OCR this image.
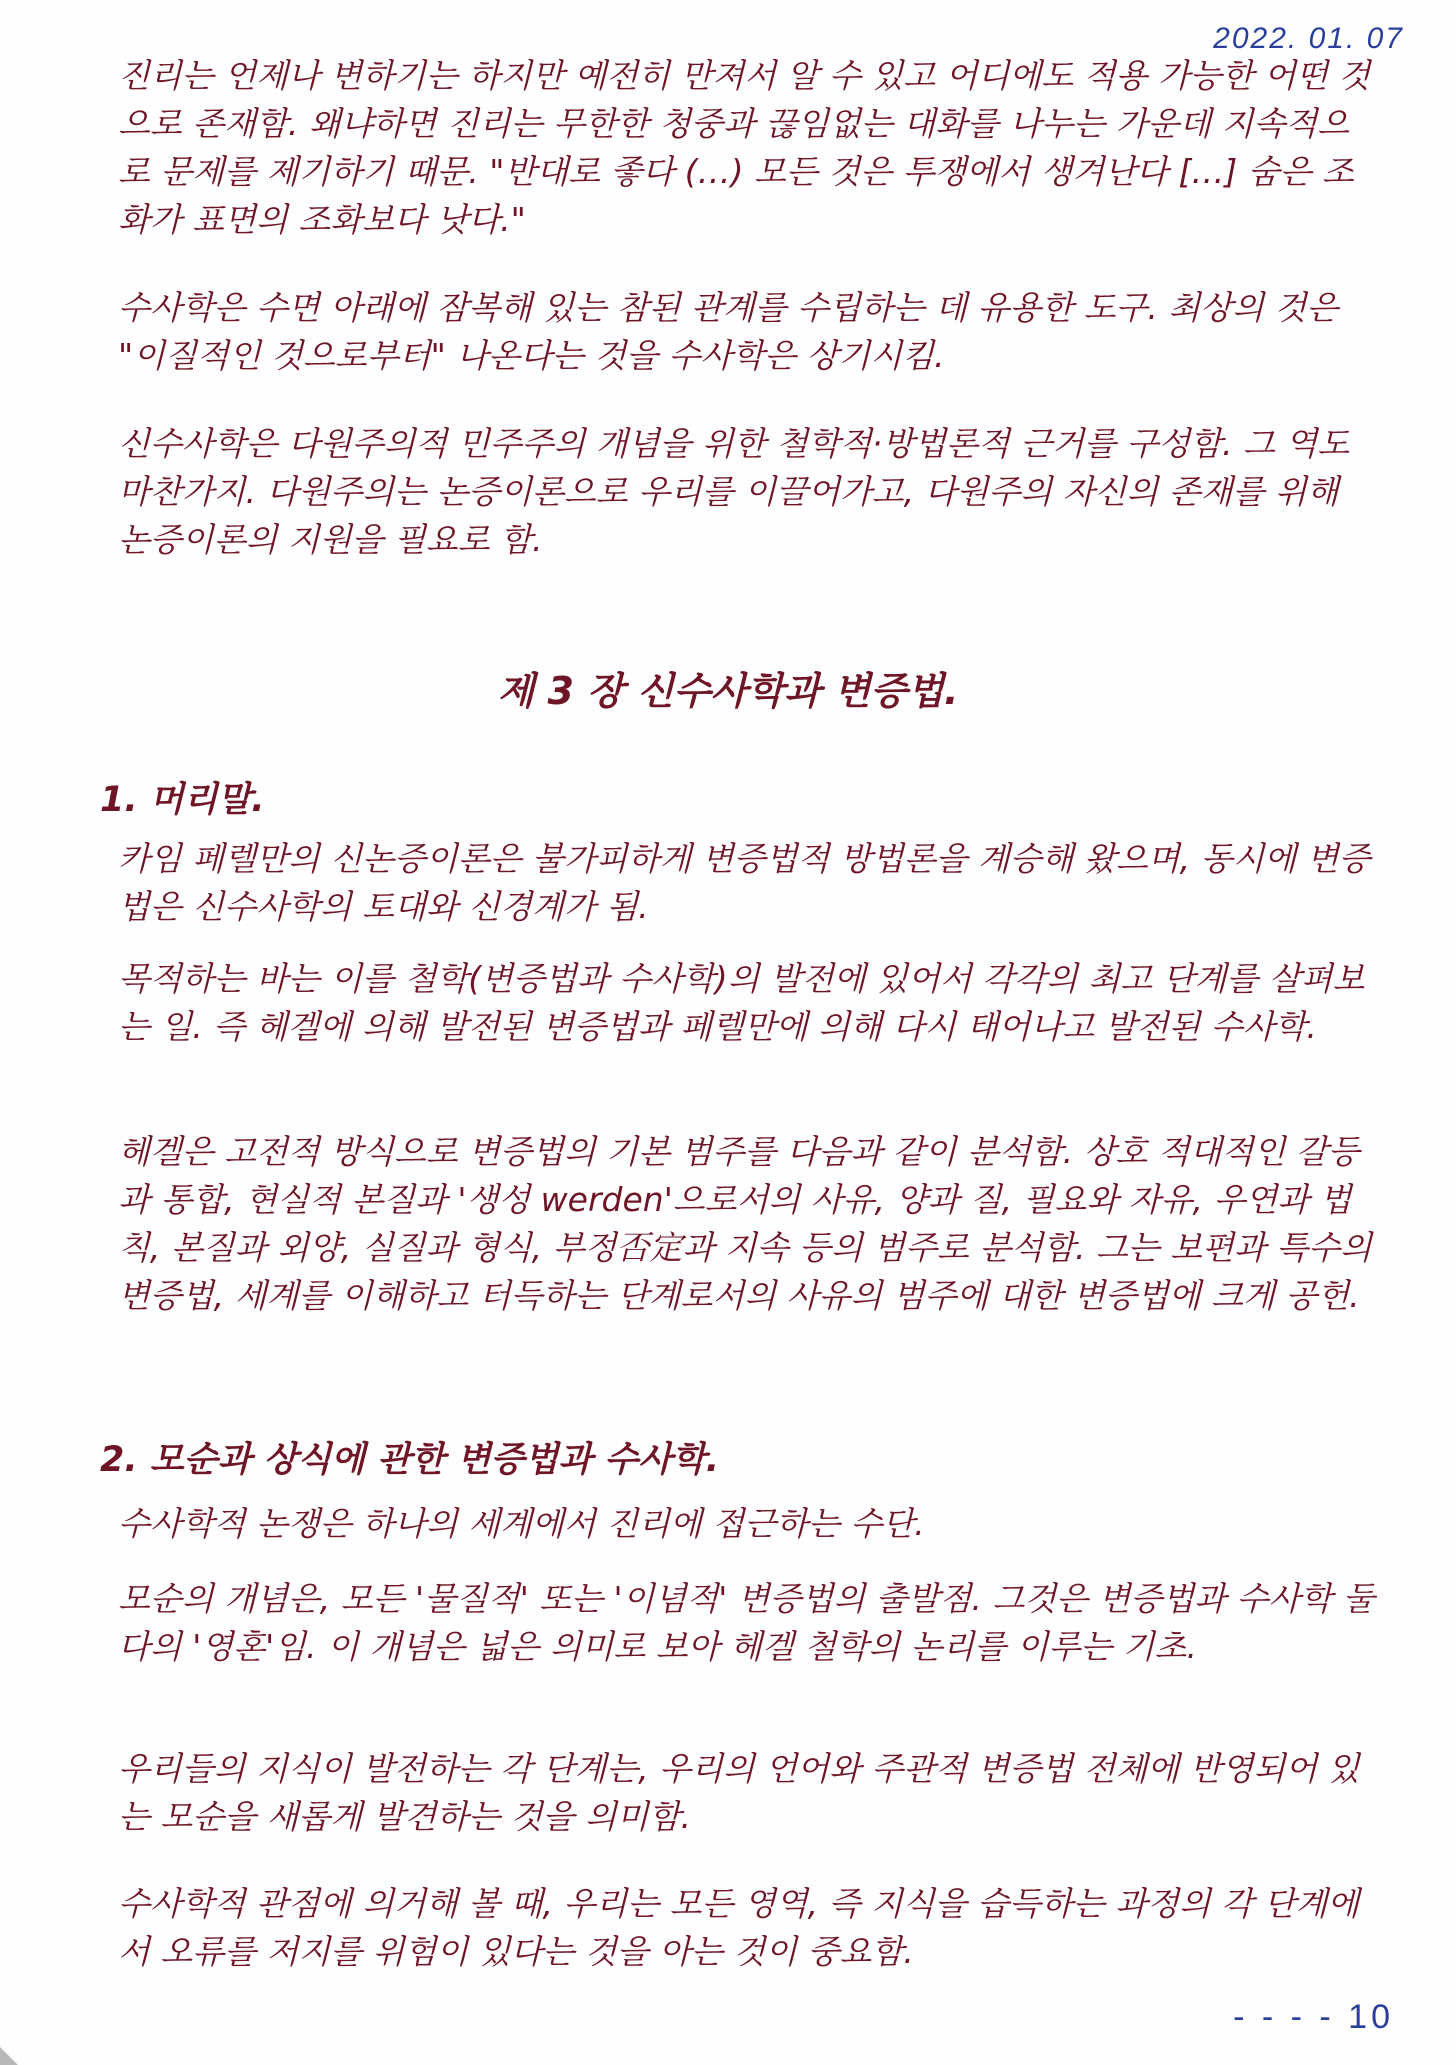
2022. 01. 07

진리는 언제나 변하기는 하지만 예전히 만져서 알 수 있고 어디에도 적용 가능한 어떤 것으로 존재함. 왜냐하면 진리는 무한한 청중과 끊임없는 대화를 나누는 가운데 지속적으로 문제를 제기하기 때문. "반대로 좋다 (…) 모든 것은 투쟁에서 생겨난다 […] 숨은 조화가 표면의 조화보다 낫다."

수사학은 수면 아래에 잠복해 있는 참된 관계를 수립하는 데 유용한 도구. 최상의 것은 "이질적인 것으로부터" 나온다는 것을 수사학은 상기시킴.

신수사학은 다원주의적 민주주의 개념을 위한 철학적·방법론적 근거를 구성함. 그 역도 마찬가지. 다원주의는 논증이론으로 우리를 이끌어가고, 다원주의 자신의 존재를 위해 논증이론의 지원을 필요로 함.

제 3 장 신수사학과 변증법.
1. 머리말.

카임 페렐만의 신논증이론은 불가피하게 변증법적 방법론을 계승해 왔으며, 동시에 변증법은 신수사학의 토대와 신경계가 됨.

목적하는 바는 이를 철학(변증법과 수사학)의 발전에 있어서 각각의 최고 단계를 살펴보는 일. 즉 헤겔에 의해 발전된 변증법과 페렐만에 의해 다시 태어나고 발전된 수사학.

헤겔은 고전적 방식으로 변증법의 기본 범주를 다음과 같이 분석함. 상호 적대적인 갈등과 통합, 현실적 본질과 '생성 werden'으로서의 사유, 양과 질, 필요와 자유, 우연과 법칙, 본질과 외양, 실질과 형식, 부정否定과 지속 등의 범주로 분석함. 그는 보편과 특수의 변증법, 세계를 이해하고 터득하는 단계로서의 사유의 범주에 대한 변증법에 크게 공헌.

2. 모순과 상식에 관한 변증법과 수사학.

수사학적 논쟁은 하나의 세계에서 진리에 접근하는 수단.

모순의 개념은, 모든 '물질적' 또는 '이념적' 변증법의 출발점. 그것은 변증법과 수사학 둘 다의 '영혼'임. 이 개념은 넓은 의미로 보아 헤겔 철학의 논리를 이루는 기초.

우리들의 지식이 발전하는 각 단계는, 우리의 언어와 주관적 변증법 전체에 반영되어 있는 모순을 새롭게 발견하는 것을 의미함.

수사학적 관점에 의거해 볼 때, 우리는 모든 영역, 즉 지식을 습득하는 과정의 각 단계에서 오류를 저지를 위험이 있다는 것을 아는 것이 중요함.

- - - - 10
